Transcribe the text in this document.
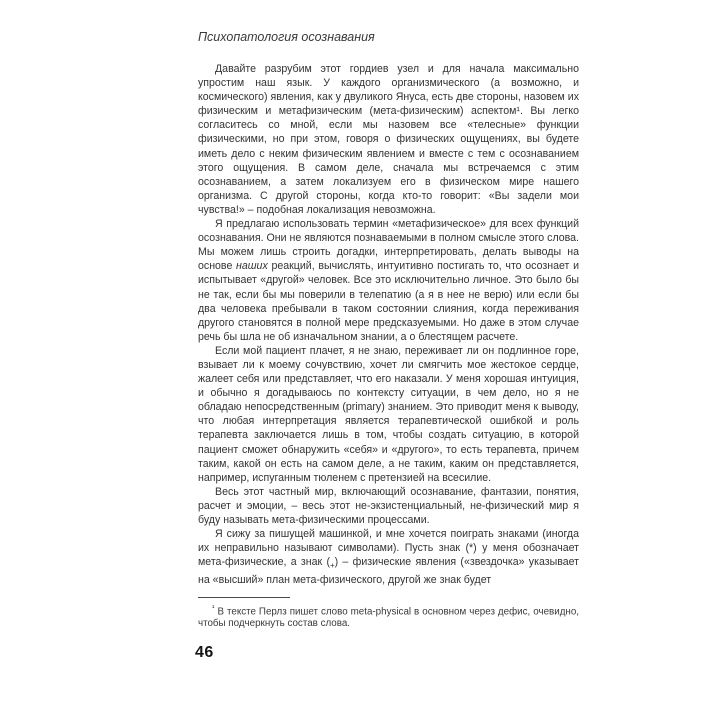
Психопатология осознавания

Давайте разрубим этот гордиев узел и для начала максимально упростим наш язык. У каждого организмического (а возможно, и космического) явления, как у двуликого Януса, есть две стороны, назовем их физическим и метафизическим (мета-физическим) аспектом¹. Вы легко согласитесь со мной, если мы назовем все «телесные» функции физическими, но при этом, говоря о физических ощущениях, вы будете иметь дело с неким физическим явлением и вместе с тем с осознаванием этого ощущения. В самом деле, сначала мы встречаемся с этим осознаванием, а затем локализуем его в физическом мире нашего организма. С другой стороны, когда кто-то говорит: «Вы задели мои чувства!» – подобная локализация невозможна.

Я предлагаю использовать термин «метафизическое» для всех функций осознавания. Они не являются познаваемыми в полном смысле этого слова. Мы можем лишь строить догадки, интерпретировать, делать выводы на основе наших реакций, вычислять, интуитивно постигать то, что осознает и испытывает «другой» человек. Все это исключительно личное. Это было бы не так, если бы мы поверили в телепатию (а я в нее не верю) или если бы два человека пребывали в таком состоянии слияния, когда переживания другого становятся в полной мере предсказуемыми. Но даже в этом случае речь бы шла не об изначальном знании, а о блестящем расчете.

Если мой пациент плачет, я не знаю, переживает ли он подлинное горе, взывает ли к моему сочувствию, хочет ли смягчить мое жестокое сердце, жалеет себя или представляет, что его наказали. У меня хорошая интуиция, и обычно я догадываюсь по контексту ситуации, в чем дело, но я не обладаю непосредственным (primary) знанием. Это приводит меня к выводу, что любая интерпретация является терапевтической ошибкой и роль терапевта заключается лишь в том, чтобы создать ситуацию, в которой пациент сможет обнаружить «себя» и «другого», то есть терапевта, причем таким, какой он есть на самом деле, а не таким, каким он представляется, например, испуганным тюленем с претензией на всесилие.

Весь этот частный мир, включающий осознавание, фантазии, понятия, расчет и эмоции, – весь этот не-экзистенциальный, не-физический мир я буду называть мета-физическими процессами.

Я сижу за пишущей машинкой, и мне хочется поиграть знаками (иногда их неправильно называют символами). Пусть знак (*) у меня обозначает мета-физические, а знак $(_+)$ – физические явления («звездочка» указывает на «высший» план мета-физического, другой же знак будет

$^{^1}$ В тексте Перлз пишет слово meta-physical в основном через дефис, очевидно, чтобы подчеркнуть состав слова.

46
